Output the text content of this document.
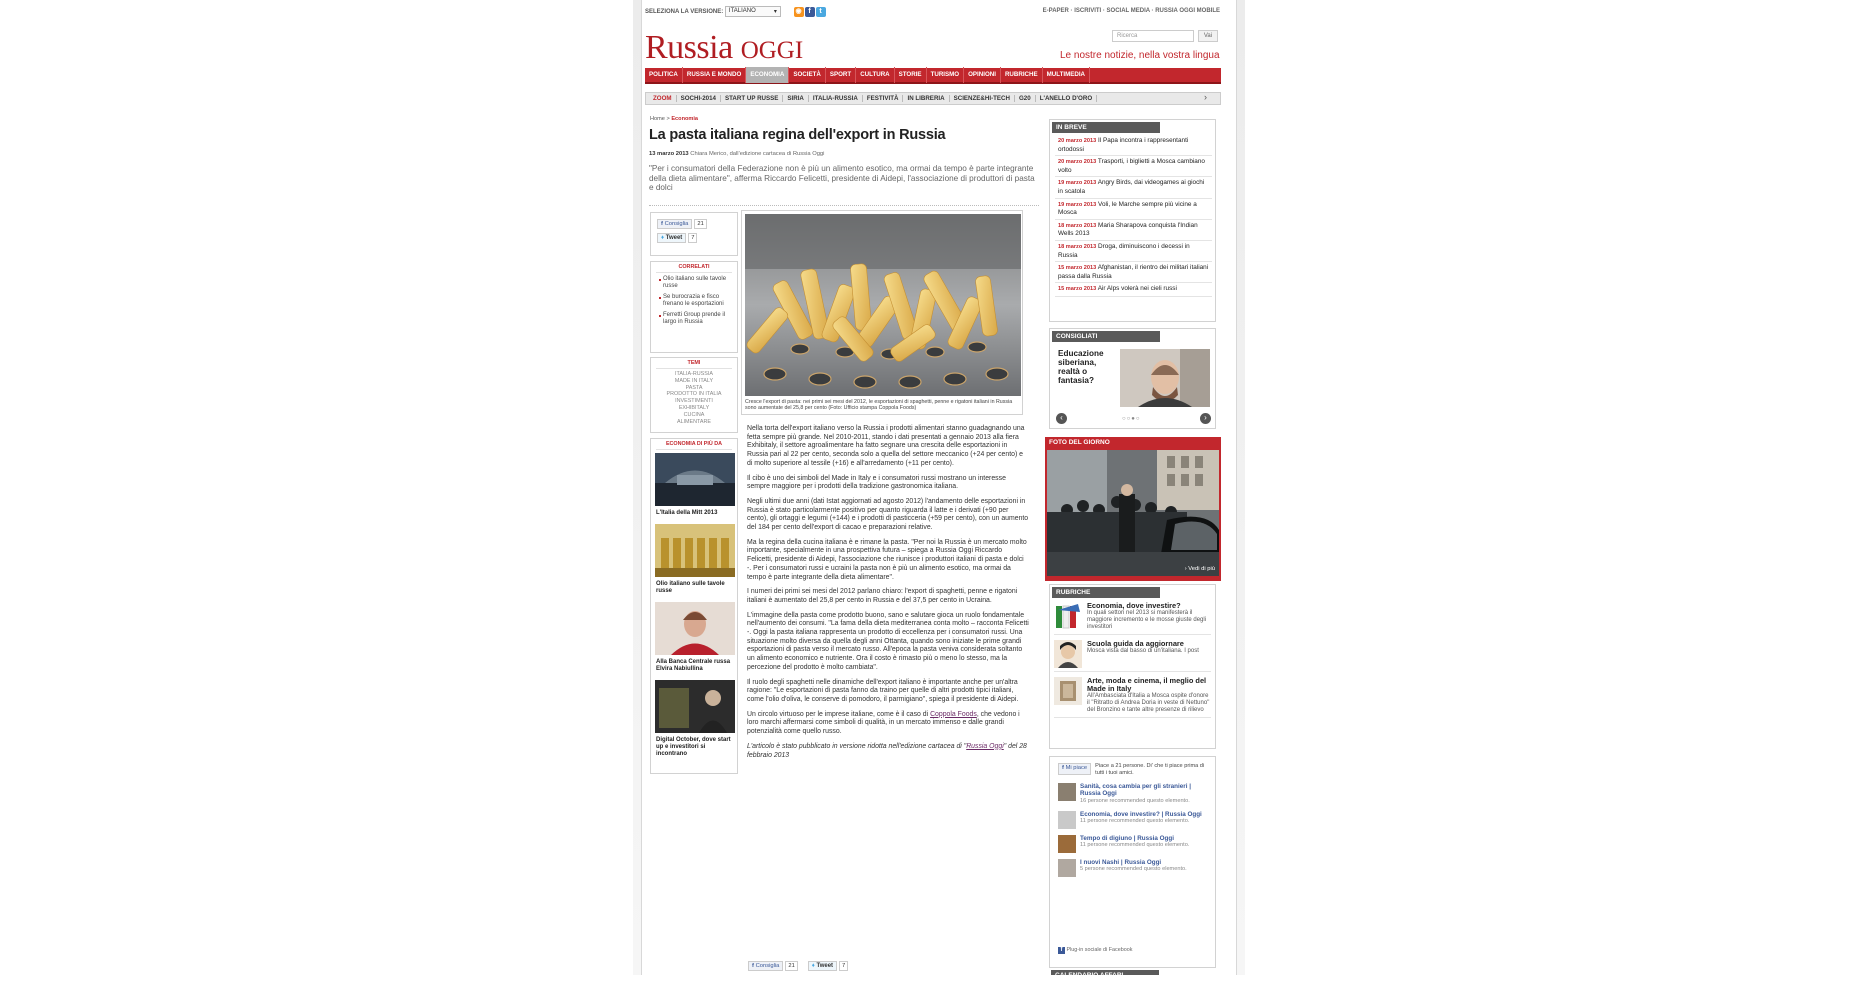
SELEZIONA LA VERSIONE: ITALIANO	▾	◉ f t	E-PAPER · ISCRIVITI · SOCIAL MEDIA · RUSSIA OGGI MOBILE
Russia OGGI
Ricerca	Vai
Le nostre notizie, nella vostra lingua
POLITICA	RUSSIA E MONDO	ECONOMIA	SOCIETÀ	SPORT	CULTURA	STORIE	TURISMO	OPINIONI	RUBRICHE	MULTIMEDIA
ZOOM	SOCHI-2014	START UP RUSSE	SIRIA	ITALIA-RUSSIA	FESTIVITÀ	IN LIBRERIA	SCIENZE&HI-TECH	G20	L'ANELLO D'ORO	›
Home > Economia
La pasta italiana regina dell'export in Russia
13 marzo 2013 Chiara Merico, dall'edizione cartacea di Russia Oggi
"Per i consumatori della Federazione non è più un alimento esotico, ma ormai da tempo è parte integrante della dieta alimentare", afferma Riccardo Felicetti, presidente di Aidepi, l'associazione di produttori di pasta e dolci
f Consiglia 21
♦ Tweet 7
CORRELATI
Olio italiano sulle tavole russe
Se burocrazia e fisco frenano le esportazioni
Ferretti Group prende il largo in Russia
TEMI
ITALIA-RUSSIA
MADE IN ITALY
PASTA
PRODOTTO IN ITALIA
INVESTIMENTI
EXHIBITALY
CUCINA
ALIMENTARE
ECONOMIA DI PIÙ DA
L'Italia della Mitt 2013
Olio italiano sulle tavole russe
Alla Banca Centrale russa Elvira Nabiullina
Digital October, dove start up e investitori si incontrano
Cresce l'export di pasta: nei primi sei mesi del 2012, le esportazioni di spaghetti, penne e rigatoni italiani in Russia sono aumentate del 25,8 per cento (Foto: Ufficio stampa Coppola Foods)

Nella torta dell'export italiano verso la Russia i prodotti alimentari stanno guadagnando una fetta sempre più grande. Nel 2010-2011, stando i dati presentati a gennaio 2013 alla fiera Exhibitaly, il settore agroalimentare ha fatto segnare una crescita delle esportazioni in Russia pari al 22 per cento, seconda solo a quella del settore meccanico (+24 per cento) e di molto superiore al tessile (+16) e all'arredamento (+11 per cento).

Il cibo è uno dei simboli del Made in Italy e i consumatori russi mostrano un interesse sempre maggiore per i prodotti della tradizione gastronomica italiana.

Negli ultimi due anni (dati Istat aggiornati ad agosto 2012) l'andamento delle esportazioni in Russia è stato particolarmente positivo per quanto riguarda il latte e i derivati (+90 per cento), gli ortaggi e legumi (+144) e i prodotti di pasticceria (+59 per cento), con un aumento del 184 per cento dell'export di cacao e preparazioni relative.

Ma la regina della cucina italiana è e rimane la pasta. "Per noi la Russia è un mercato molto importante, specialmente in una prospettiva futura – spiega a Russia Oggi Riccardo Felicetti, presidente di Aidepi, l'associazione che riunisce i produttori italiani di pasta e dolci -. Per i consumatori russi e ucraini la pasta non è più un alimento esotico, ma ormai da tempo è parte integrante della dieta alimentare".

I numeri dei primi sei mesi del 2012 parlano chiaro: l'export di spaghetti, penne e rigatoni italiani è aumentato del 25,8 per cento in Russia e del 37,5 per cento in Ucraina.

L'immagine della pasta come prodotto buono, sano e salutare gioca un ruolo fondamentale nell'aumento dei consumi. "La fama della dieta mediterranea conta molto – racconta Felicetti -. Oggi la pasta italiana rappresenta un prodotto di eccellenza per i consumatori russi. Una situazione molto diversa da quella degli anni Ottanta, quando sono iniziate le prime grandi esportazioni di pasta verso il mercato russo. All'epoca la pasta veniva considerata soltanto un alimento economico e nutriente. Ora il costo è rimasto più o meno lo stesso, ma la percezione del prodotto è molto cambiata".

Il ruolo degli spaghetti nelle dinamiche dell'export italiano è importante anche per un'altra ragione: "Le esportazioni di pasta fanno da traino per quelle di altri prodotti tipici italiani, come l'olio d'oliva, le conserve di pomodoro, il parmigiano", spiega il presidente di Aidepi.

Un circolo virtuoso per le imprese italiane, come è il caso di Coppola Foods, che vedono i loro marchi affermarsi come simboli di qualità, in un mercato immenso e dalle grandi potenzialità come quello russo.

L'articolo è stato pubblicato in versione ridotta nell'edizione cartacea di "Russia Oggi" del 28 febbraio 2013

f Consiglia 21	♦ Tweet 7
IN BREVE
20 marzo 2013 Il Papa incontra i rappresentanti ortodossi
20 marzo 2013 Trasporti, i biglietti a Mosca cambiano volto
19 marzo 2013 Angry Birds, dai videogames ai giochi in scatola
19 marzo 2013 Voli, le Marche sempre più vicine a Mosca
18 marzo 2013 Maria Sharapova conquista l'Indian Wells 2013
18 marzo 2013 Droga, diminuiscono i decessi in Russia
15 marzo 2013 Afghanistan, il rientro dei militari italiani passa dalla Russia
15 marzo 2013 Air Alps volerà nei cieli russi
CONSIGLIATI
Educazione siberiana, realtà o fantasia?
‹	○○●○	›
FOTO DEL GIORNO
› Vedi di più
RUBRICHE
Economia, dove investire?
In quali settori nel 2013 si manifesterà il maggiore incremento e le mosse giuste degli investitori
Scuola guida da aggiornare
Mosca vista dal basso di un'italiana. I post
Arte, moda e cinema, il meglio del Made in Italy
All'Ambasciata d'Italia a Mosca ospite d'onore il "Ritratto di Andrea Doria in veste di Nettuno" del Bronzino e tante altre presenze di rilievo
f Mi piace	Piace a 21 persone. Di' che ti piace prima di tutti i tuoi amici.
Sanità, cosa cambia per gli stranieri | Russia Oggi
16 persone recommended questo elemento.
Economia, dove investire? | Russia Oggi
11 persone recommended questo elemento.
Tempo di digiuno | Russia Oggi
11 persone recommended questo elemento.
I nuovi Nashi | Russia Oggi
5 persone recommended questo elemento.
f Plug-in sociale di Facebook
CALENDARIO AFFARI
